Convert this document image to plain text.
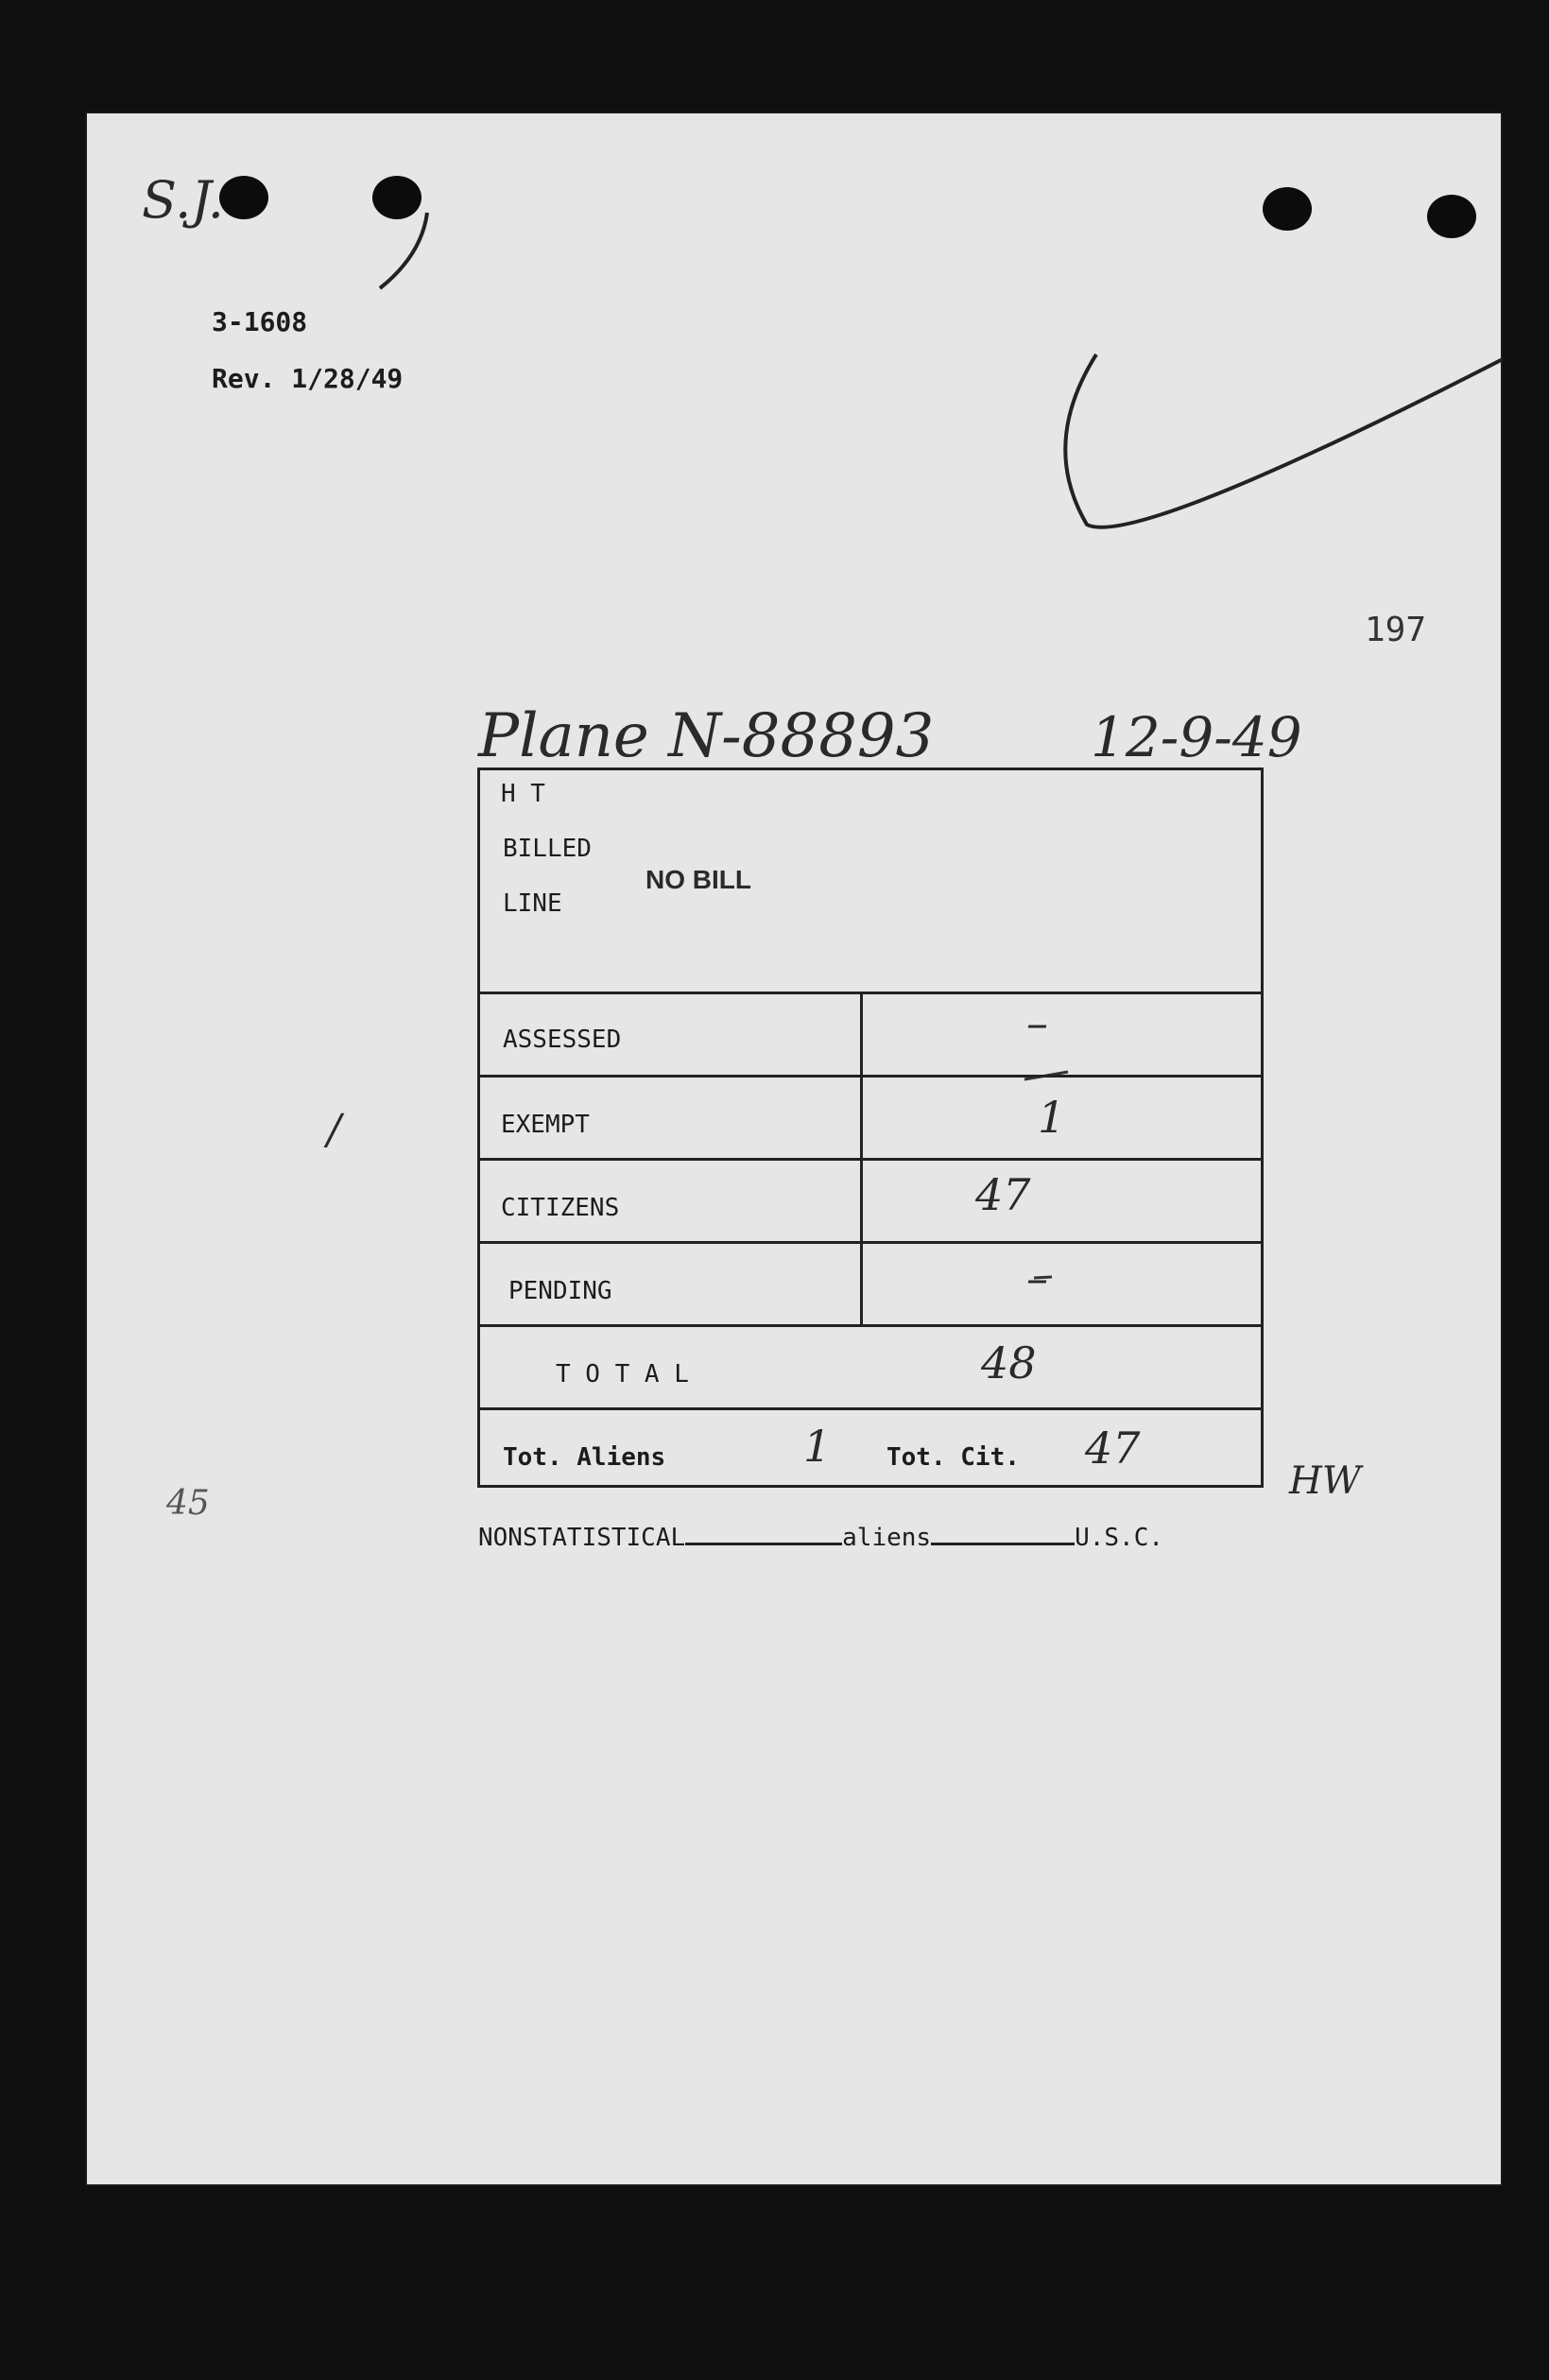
S.J.
3-1608
Rev. 1/28/49

197
Plane N-88893	12-9-49
H T
BILLED
LINE
NO BILL
ASSESSED	–
EXEMPT	1
CITIZENS	47
PENDING	–
T O T A L	48
Tot. Aliens	1 Tot. Cit. 47
/
45
HW
NONSTATISTICAL	aliens	U.S.C.
